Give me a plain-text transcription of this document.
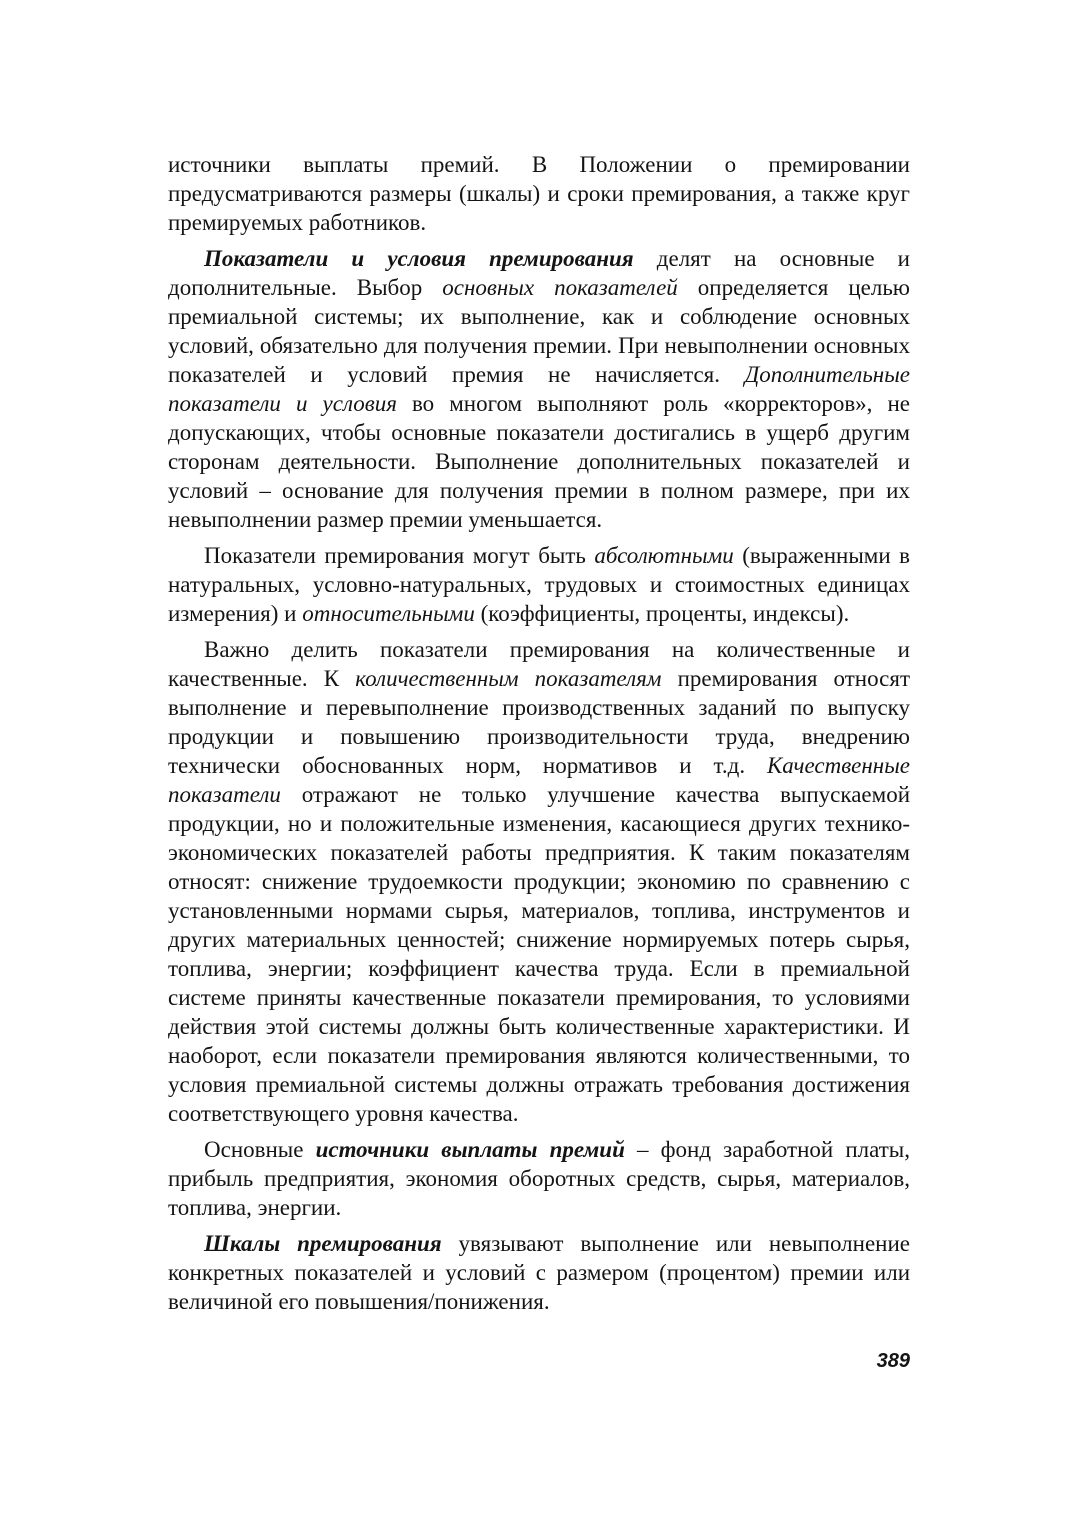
источники выплаты премий. В Положении о премировании предусматриваются размеры (шкалы) и сроки премирования, а также круг премируемых работников.

Показатели и условия премирования делят на основные и дополнительные. Выбор основных показателей определяется целью премиальной системы; их выполнение, как и соблюдение основных условий, обязательно для получения премии. При невыполнении основных показателей и условий премия не начисляется. Дополнительные показатели и условия во многом выполняют роль «корректоров», не допускающих, чтобы основные показатели достигались в ущерб другим сторонам деятельности. Выполнение дополнительных показателей и условий – основание для получения премии в полном размере, при их невыполнении размер премии уменьшается.

Показатели премирования могут быть абсолютными (выраженными в натуральных, условно-натуральных, трудовых и стоимостных единицах измерения) и относительными (коэффициенты, проценты, индексы).

Важно делить показатели премирования на количественные и качественные. К количественным показателям премирования относят выполнение и перевыполнение производственных заданий по выпуску продукции и повышению производительности труда, внедрению технически обоснованных норм, нормативов и т.д. Качественные показатели отражают не только улучшение качества выпускаемой продукции, но и положительные изменения, касающиеся других технико-экономических показателей работы предприятия. К таким показателям относят: снижение трудоемкости продукции; экономию по сравнению с установленными нормами сырья, материалов, топлива, инструментов и других материальных ценностей; снижение нормируемых потерь сырья, топлива, энергии; коэффициент качества труда. Если в премиальной системе приняты качественные показатели премирования, то условиями действия этой системы должны быть количественные характеристики. И наоборот, если показатели премирования являются количественными, то условия премиальной системы должны отражать требования достижения соответствующего уровня качества.

Основные источники выплаты премий – фонд заработной платы, прибыль предприятия, экономия оборотных средств, сырья, материалов, топлива, энергии.

Шкалы премирования увязывают выполнение или невыполнение конкретных показателей и условий с размером (процентом) премии или величиной его повышения/понижения.

389
